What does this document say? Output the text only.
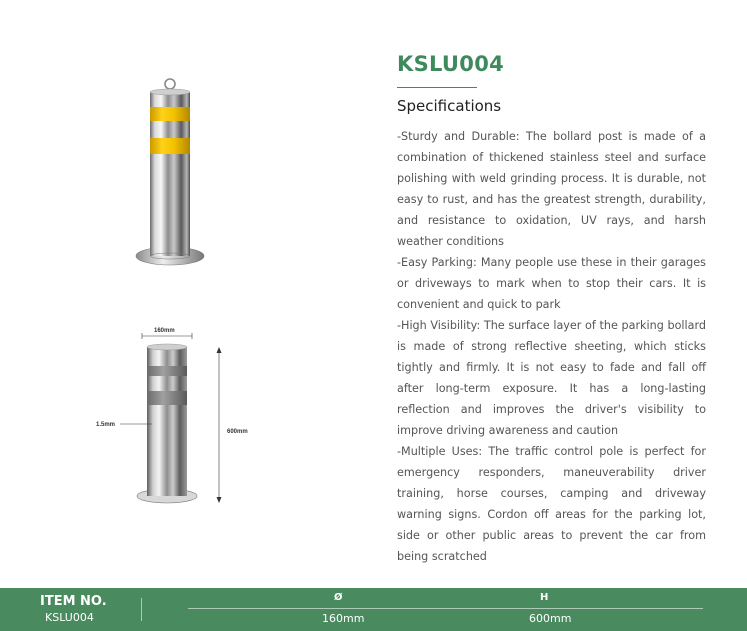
160mm
1.5mm
600mm
KSLU004
Specifications

-Sturdy and Durable: The bollard post is made of a combination of thickened stainless steel and surface polishing with weld grinding process. It is durable, not easy to rust, and has the greatest strength, durability, and resistance to oxidation, UV rays, and harsh weather conditions

-Easy Parking: Many people use these in their garages or driveways to mark when to stop their cars. It is convenient and quick to park

-High Visibility: The surface layer of the parking bollard is made of strong reflective sheeting, which sticks tightly and firmly. It is not easy to fade and fall off after long-term exposure. It has a long-lasting reflection and improves the driver's visibility to improve driving awareness and caution

-Multiple Uses: The traffic control pole is perfect for emergency responders, maneuverability driver training, horse courses, camping and driveway warning signs. Cordon off areas for the parking lot, side or other public areas to prevent the car from being scratched

ITEM NO.
KSLU004
Ø	H
160mm	600mm
